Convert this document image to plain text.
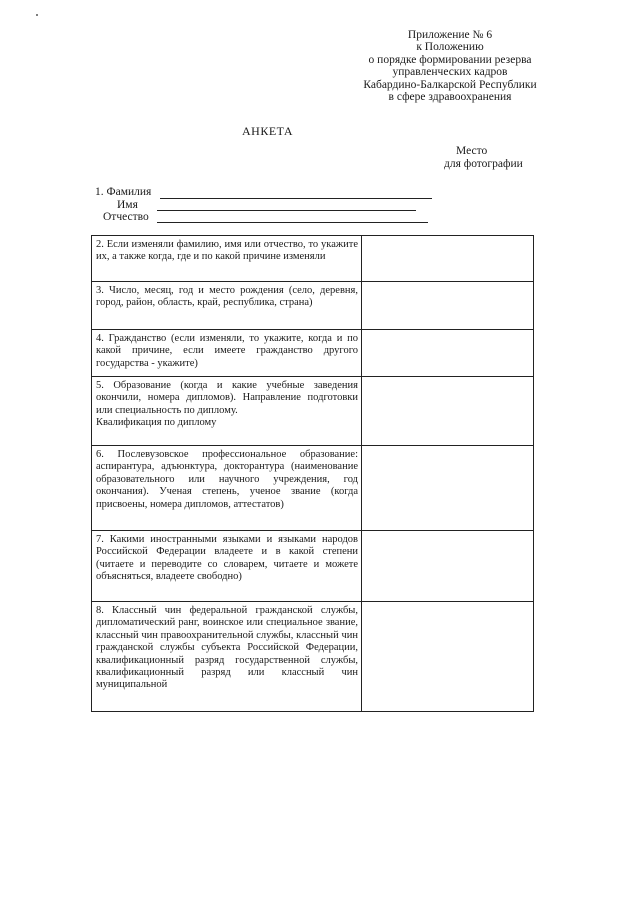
Приложение № 6
к Положению
о порядке формировании резерва
управленческих кадров
Кабардино-Балкарской Республики
в сфере здравоохранения
АНКЕТА
Место
для фотографии
1. Фамилия
Имя
Отчество
2. Если изменяли фамилию, имя или отчество, то укажите их, а также когда, где и по какой причине изменяли	
3. Число, месяц, год и место рождения (село, деревня, город, район, область, край, республика, страна)	
4. Гражданство (если изменяли, то укажите, когда и по какой причине, если имеете гражданство другого государства - укажите)	

5. Образование (когда и какие учебные заведения окончили, номера дипломов). Направление подготовки или специальность по диплому.
Квалификация по диплому	

6. Послевузовское профессиональное образование: аспирантура, адъюнктура, докторантура (наименование образовательного или научного учреждения, год окончания). Ученая степень, ученое звание (когда присвоены, номера дипломов, аттестатов)	
7. Какими иностранными языками и языками народов Российской Федерации владеете и в какой степени (читаете и переводите со словарем, читаете и можете объясняться, владеете свободно)	
8. Классный чин федеральной гражданской службы, дипломатический ранг, воинское или специальное звание, классный чин правоохранительной службы, классный чин гражданской службы субъекта Российской Федерации, квалификационный разряд государственной службы, квалификационный разряд или классный чин муниципальной	
